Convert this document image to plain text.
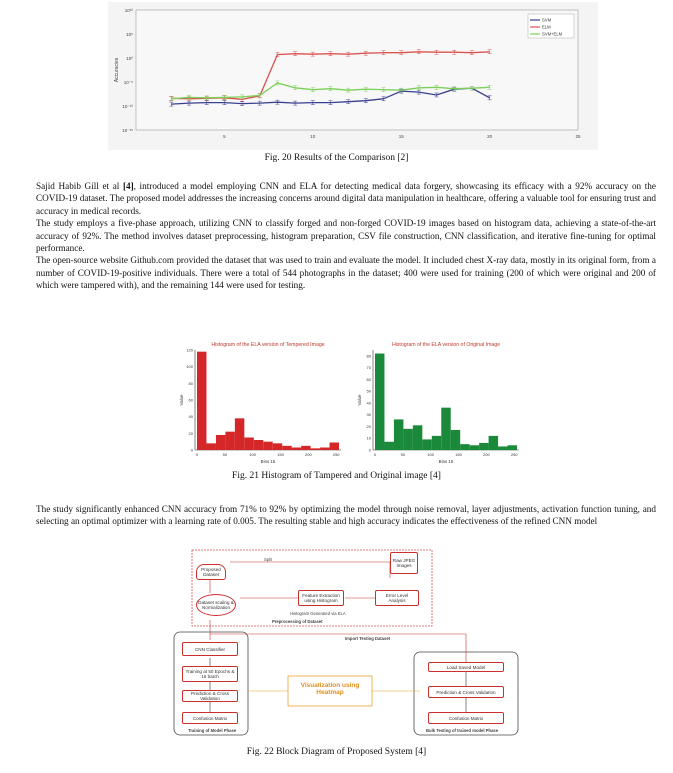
10⁻¹⁵
10⁻¹⁰
10⁻⁵
10⁰
10⁵
10¹⁰
5	10	15	20	25
Accuracies
SVM
ELM
SVM+ELM
Fig. 20 Results of the Comparison [2]

Sajid Habib Gill et al [4], introduced a model employing CNN and ELA for detecting medical data forgery, showcasing its efficacy with a 92% accuracy on the COVID-19 dataset. The proposed model addresses the increasing concerns around digital data manipulation in healthcare, offering a valuable tool for ensuring trust and accuracy in medical records.

The study employs a five-phase approach, utilizing CNN to classify forged and non-forged COVID-19 images based on histogram data, achieving a state-of-the-art accuracy of 92%. The method involves dataset preprocessing, histogram preparation, CSV file construction, CNN classification, and iterative fine-tuning for optimal performance.

The open-source website Github.com provided the dataset that was used to train and evaluate the model. It included chest X-ray data, mostly in its original form, from a number of COVID-19-positive individuals. There were a total of 544 photographs in the dataset; 400 were used for training (200 of which were original and 200 of which were tampered with), and the remaining 144 were used for testing.

Histogram of the ELA version of Tempered Image
0
20
40
60
80
100
120
0	50	100	150	200	250
Bins 15
Value
Histogram of the ELA version of Original Image
0
10
20
30
40
50
60
70
80
0	50	100	150	200	250
Bins 15
Value
Fig. 21 Histogram of Tampered and Original image [4]

The study significantly enhanced CNN accuracy from 71% to 92% by optimizing the model through noise removal, layer adjustments, activation function tuning, and selecting an optimal optimizer with a learning rate of 0.005. The resulting stable and high accuracy indicates the effectiveness of the refined CNN model

Proposed Dataset
Split	Raw JPEG Images
Dataset scaling & Normalization
Feature Extraction using Histogram
Error Level Analysis
Histogram Generated via ELA
Preprocessing of Dataset
Import Testing Dataset
CNN Classifier
Training at 50 Epochs & 16 batch
Prediction & Cross Validation
Confusion Matrix
Training of Model Phase
Visualization using Heatmap
Load Saved Model
Prediction & Cross Validation
Confusion Matrix
Bulk Testing of trained model Phase
Fig. 22 Block Diagram of Proposed System [4]
